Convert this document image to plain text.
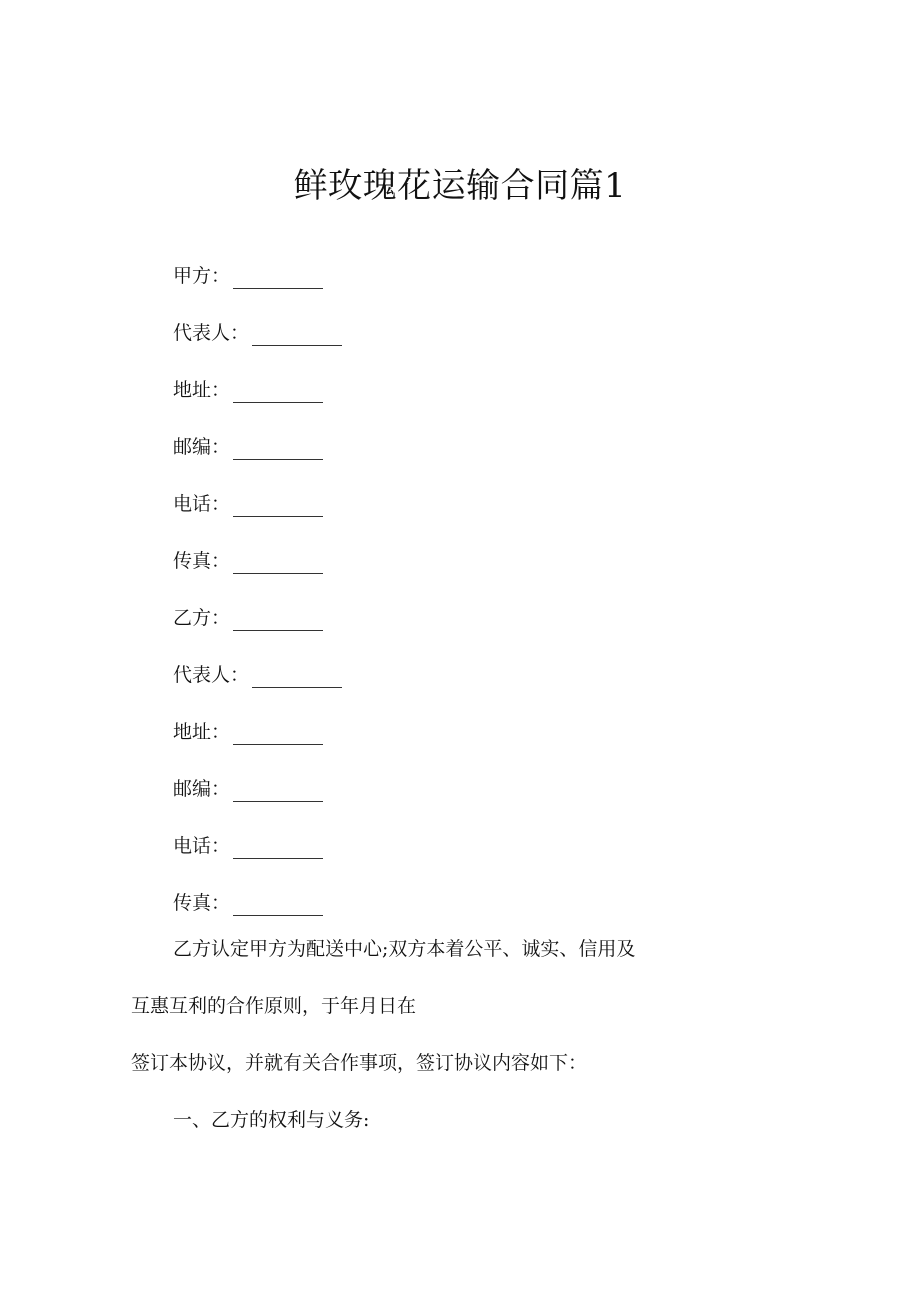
鲜玫瑰花运输合同篇1
甲方：
代表人：
地址：
邮编：
电话：
传真：
乙方：
代表人：
地址：
邮编：
电话：
传真：
乙方认定甲方为配送中心;双方本着公平、诚实、信用及
互惠互利的合作原则，于年月日在
签订本协议，并就有关合作事项，签订协议内容如下：
一、乙方的权利与义务:
